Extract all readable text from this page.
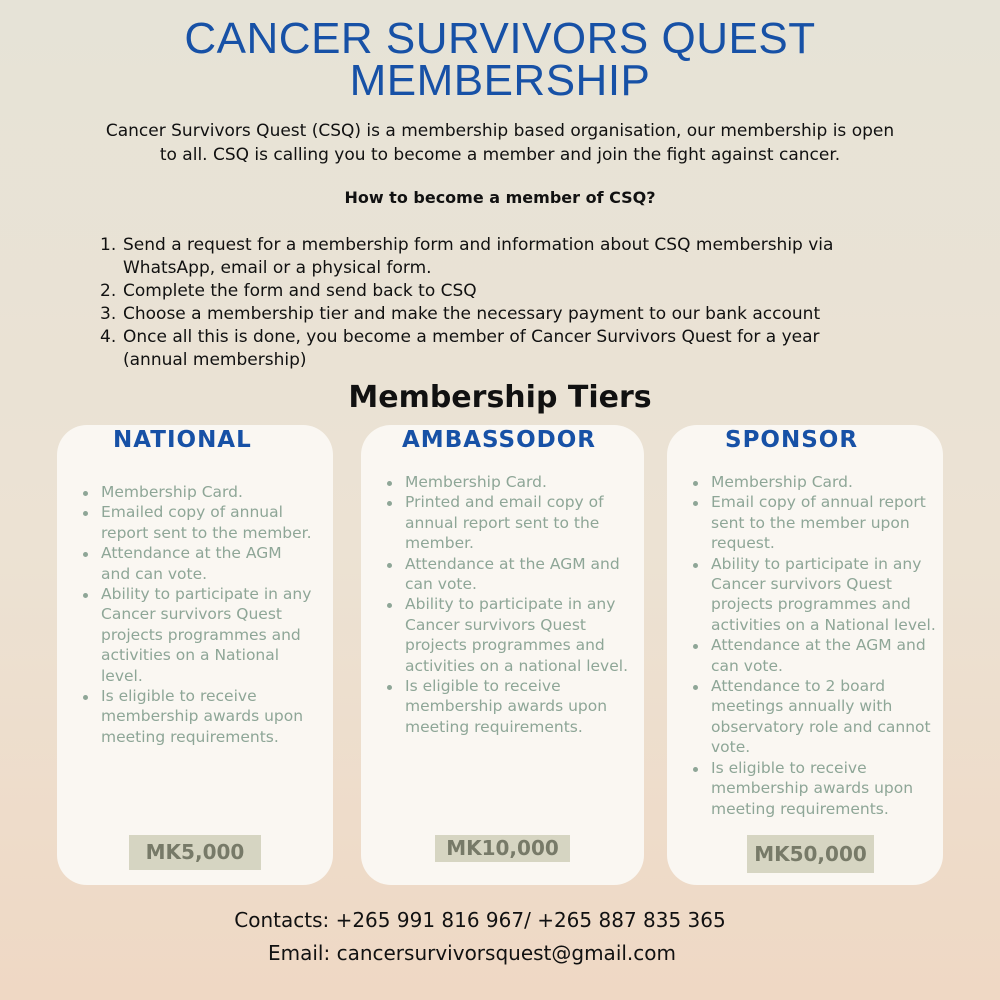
CANCER SURVIVORS QUEST
MEMBERSHIP

Cancer Survivors Quest (CSQ) is a membership based organisation, our membership is open
to all. CSQ is calling you to become a member and join the fight against cancer.

How to become a member of CSQ?

1. Send a request for a membership form and information about CSQ membership via
WhatsApp, email or a physical form.
2. Complete the form and send back to CSQ
3. Choose a membership tier and make the necessary payment to our bank account
4. Once all this is done, you become a member of Cancer Survivors Quest for a year
(annual membership)
Membership Tiers
NATIONAL
Membership Card.
Emailed copy of annual
report sent to the member.
Attendance at the AGM
and can vote.
Ability to participate in any
Cancer survivors Quest
projects programmes and
activities on a National
level.
Is eligible to receive
membership awards upon
meeting requirements.
MK5,000
AMBASSODOR
Membership Card.
Printed and email copy of
annual report sent to the
member.
Attendance at the AGM and
can vote.
Ability to participate in any
Cancer survivors Quest
projects programmes and
activities on a national level.
Is eligible to receive
membership awards upon
meeting requirements.
MK10,000
SPONSOR
Membership Card.
Email copy of annual report
sent to the member upon
request.
Ability to participate in any
Cancer survivors Quest
projects programmes and
activities on a National level.
Attendance at the AGM and
can vote.
Attendance to 2 board
meetings annually with
observatory role and cannot
vote.
Is eligible to receive
membership awards upon
meeting requirements.
MK50,000

Contacts: +265 991 816 967/ +265 887 835 365

Email: cancersurvivorsquest@gmail.com
